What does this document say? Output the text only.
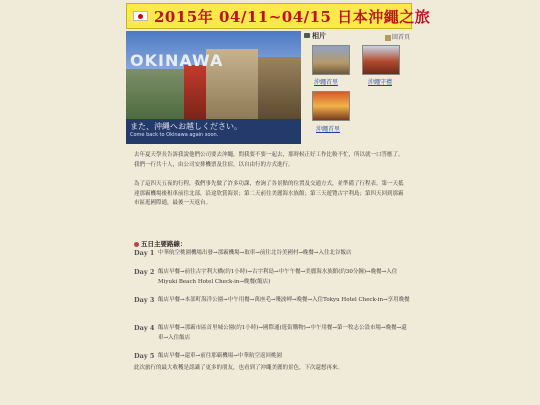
2015年 04/11~04/15 日本沖繩之旅
OKINAWA
また、沖縄へお越しください。
Come back to Okinawa again soon.
相片	回首頁
沖繩首里	沖繩守禮
沖繩首里
去年夏天學長告訴我說他們公司要去沖繩，問我要不要一起去，那時候正好工作比較不忙，所以就一口答應了。我們一行共十人，由公司安排機票及住宿，以自由行的方式進行。
為了這四天五夜的行程，我們事先做了許多功課，查詢了各景點的位置及交通方式，並準備了行程表。第一天抵達那霸機場後租車前往北部，沿途欣賞海景；第二天前往美麗海水族館；第三天遊覽古宇利島；第四天回到那霸市區逛國際通，最後一天返台。
五日主要路線：
Day 1 中華航空桃園機場出發→那霸機場→取車→前往北谷美國村→晚餐→入住北谷飯店
Day 2 飯店早餐→前往古宇利大橋(約1小時)→古宇利島→中午午餐→美麗海水族館(約30分鐘)→晚餐→入住Miyuki Beach Hotel Check-in→晚餐(飯店)
Day 3 飯店早餐→本部町海洋公園→中午用餐→萬座毛→殘波岬→晚餐→入住Tokyu Hotel Check-in→享用晚餐
Day 4 飯店早餐→那霸市區首里城公園(約1小時)→國際通(逛街購物)→中午用餐→第一牧志公設市場→晚餐→還車→入住飯店
Day 5 飯店早餐→還車→前往那霸機場→中華航空返回桃園
此次旅行的最大收穫是認識了更多的朋友，也看到了沖繩美麗的景色，下次還想再來。
